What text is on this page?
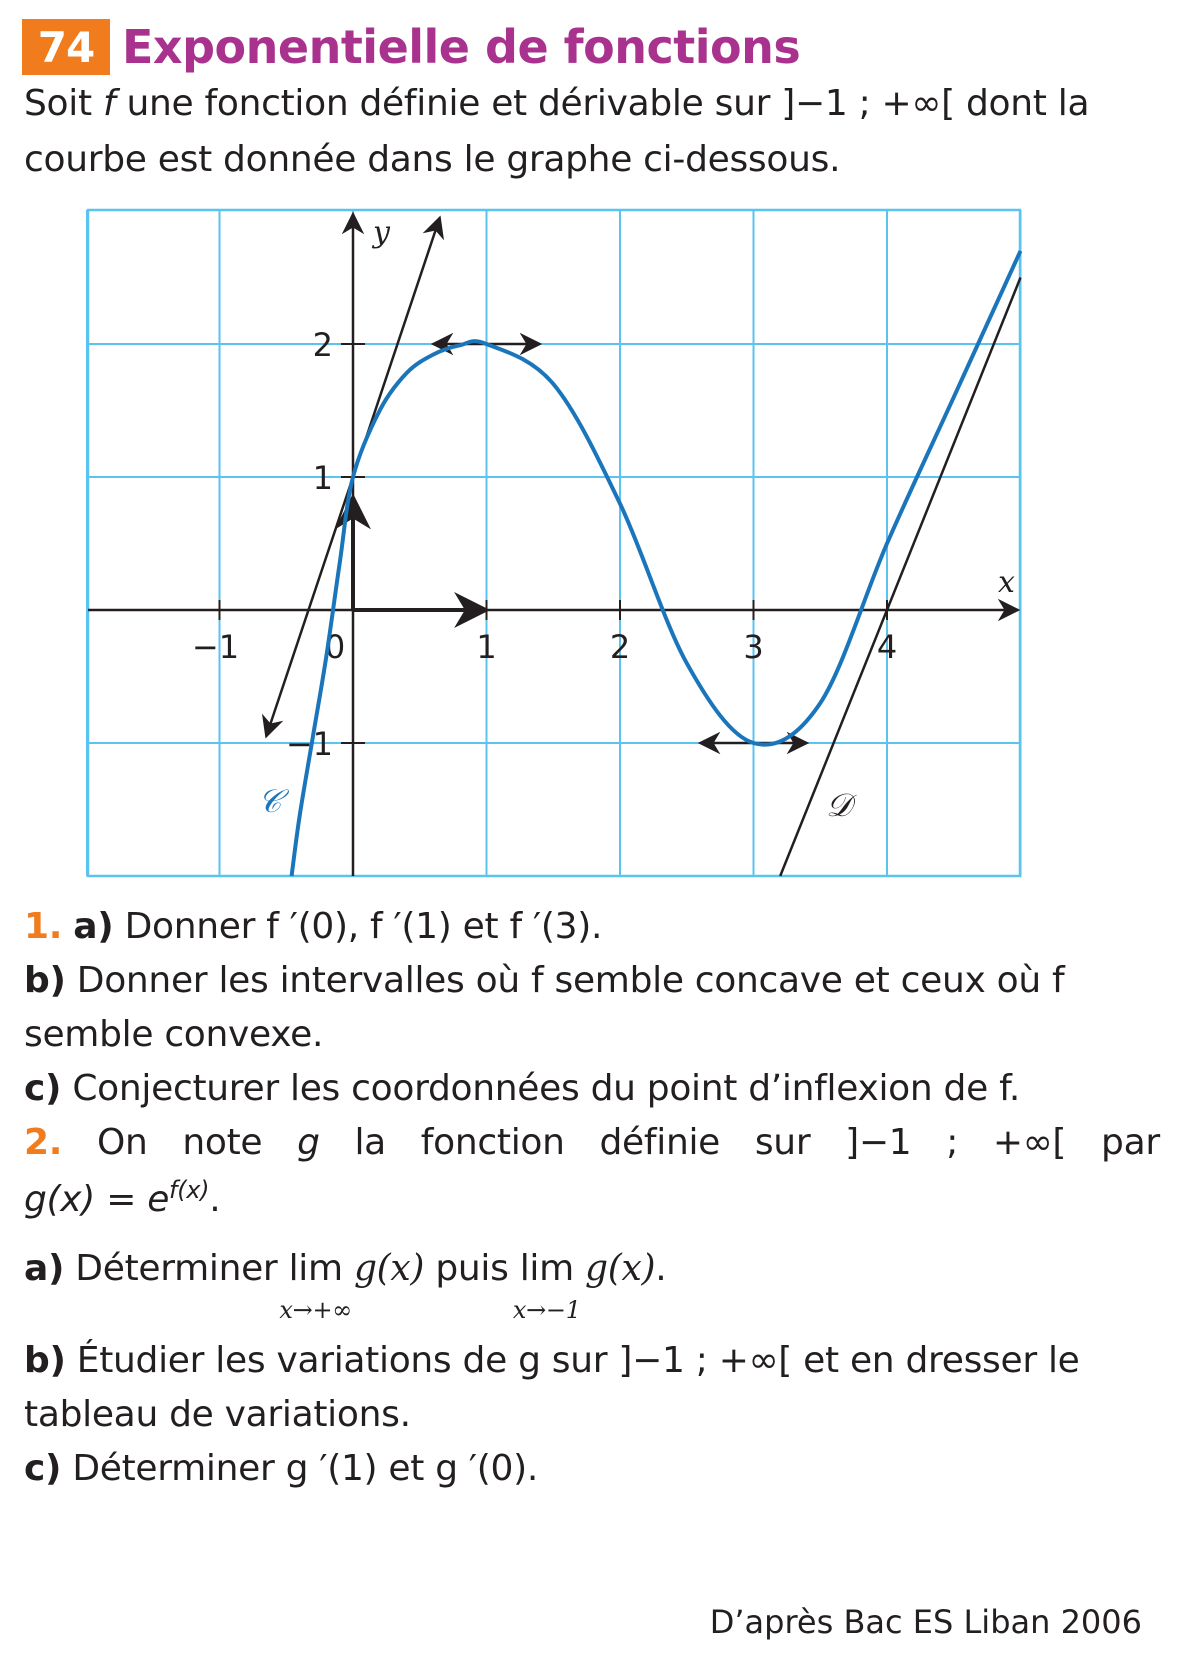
74 Exponentielle de fonctions
Soit f une fonction définie et dérivable sur ]−1 ; +∞[ dont la courbe est donnée dans le graphe ci-dessous.
−1	0	1	2	3	4
2
1
−1
x
y
𝒞	𝒟
1. a) Donner f ′(0), f ′(1) et f ′(3).
b) Donner les intervalles où f semble concave et ceux où f
semble convexe.
c) Conjecturer les coordonnées du point d’inflexion de f.
2. On note g la fonction définie sur ]−1 ; +∞[ par
$g(x) = e^{f(x)}$.
a) Déterminer lim
x→+∞
g(x) puis lim
x→−1
g(x).
b) Étudier les variations de g sur ]−1 ; +∞[ et en dresser le
tableau de variations.
c) Déterminer g ′(1) et g ′(0).
D’après Bac ES Liban 2006
